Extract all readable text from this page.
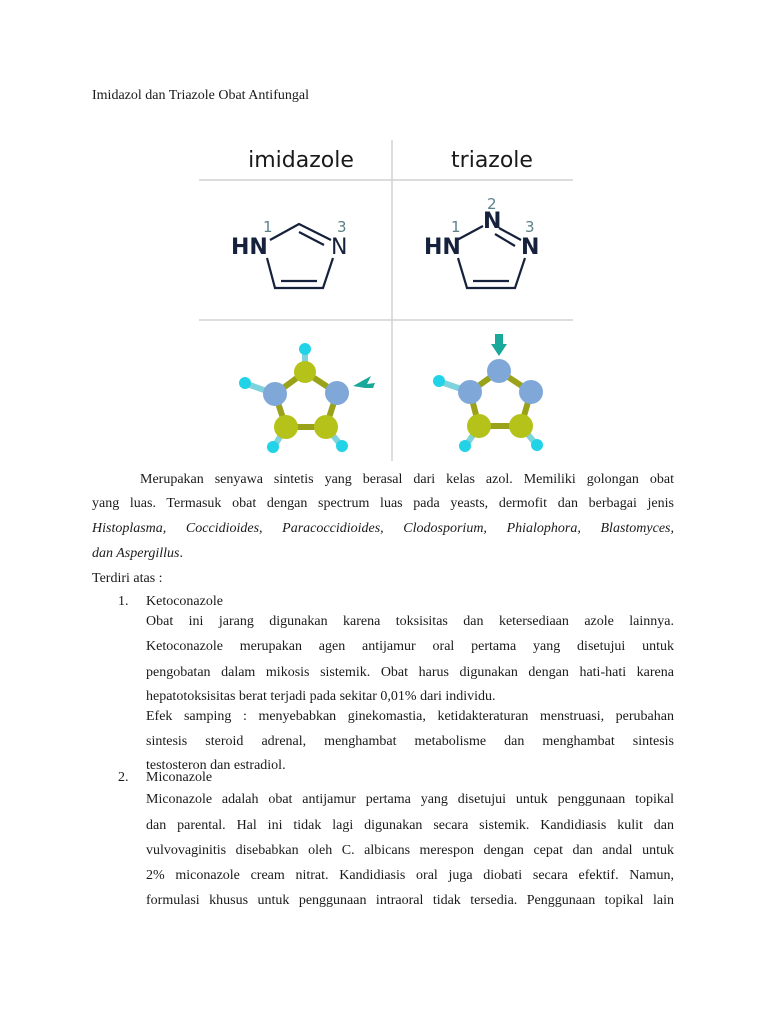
Imidazol dan Triazole Obat Antifungal
imidazole	triazole
1	3
HN	N
2
1	3
N
HN	N
Merupakan senyawa sintetis yang berasal dari kelas azol. Memiliki golongan obat
yang luas. Termasuk obat dengan spectrum luas pada yeasts, dermofit dan berbagai jenis
Histoplasma, Coccidioides, Paracoccidioides, Clodosporium, Phialophora, Blastomyces,
dan Aspergillus.
Terdiri atas :
1. Ketoconazole
Obat ini jarang digunakan karena toksisitas dan ketersediaan azole lainnya.
Ketoconazole merupakan agen antijamur oral pertama yang disetujui untuk
pengobatan dalam mikosis sistemik. Obat harus digunakan dengan hati-hati karena
hepatotoksisitas berat terjadi pada sekitar 0,01% dari individu.
Efek samping : menyebabkan ginekomastia, ketidakteraturan menstruasi, perubahan
sintesis steroid adrenal, menghambat metabolisme dan menghambat sintesis
testosteron dan estradiol.
2. Miconazole
Miconazole adalah obat antijamur pertama yang disetujui untuk penggunaan topikal
dan parental. Hal ini tidak lagi digunakan secara sistemik. Kandidiasis kulit dan
vulvovaginitis disebabkan oleh C. albicans merespon dengan cepat dan andal untuk
2% miconazole cream nitrat. Kandidiasis oral juga diobati secara efektif. Namun,
formulasi khusus untuk penggunaan intraoral tidak tersedia. Penggunaan topikal lain
